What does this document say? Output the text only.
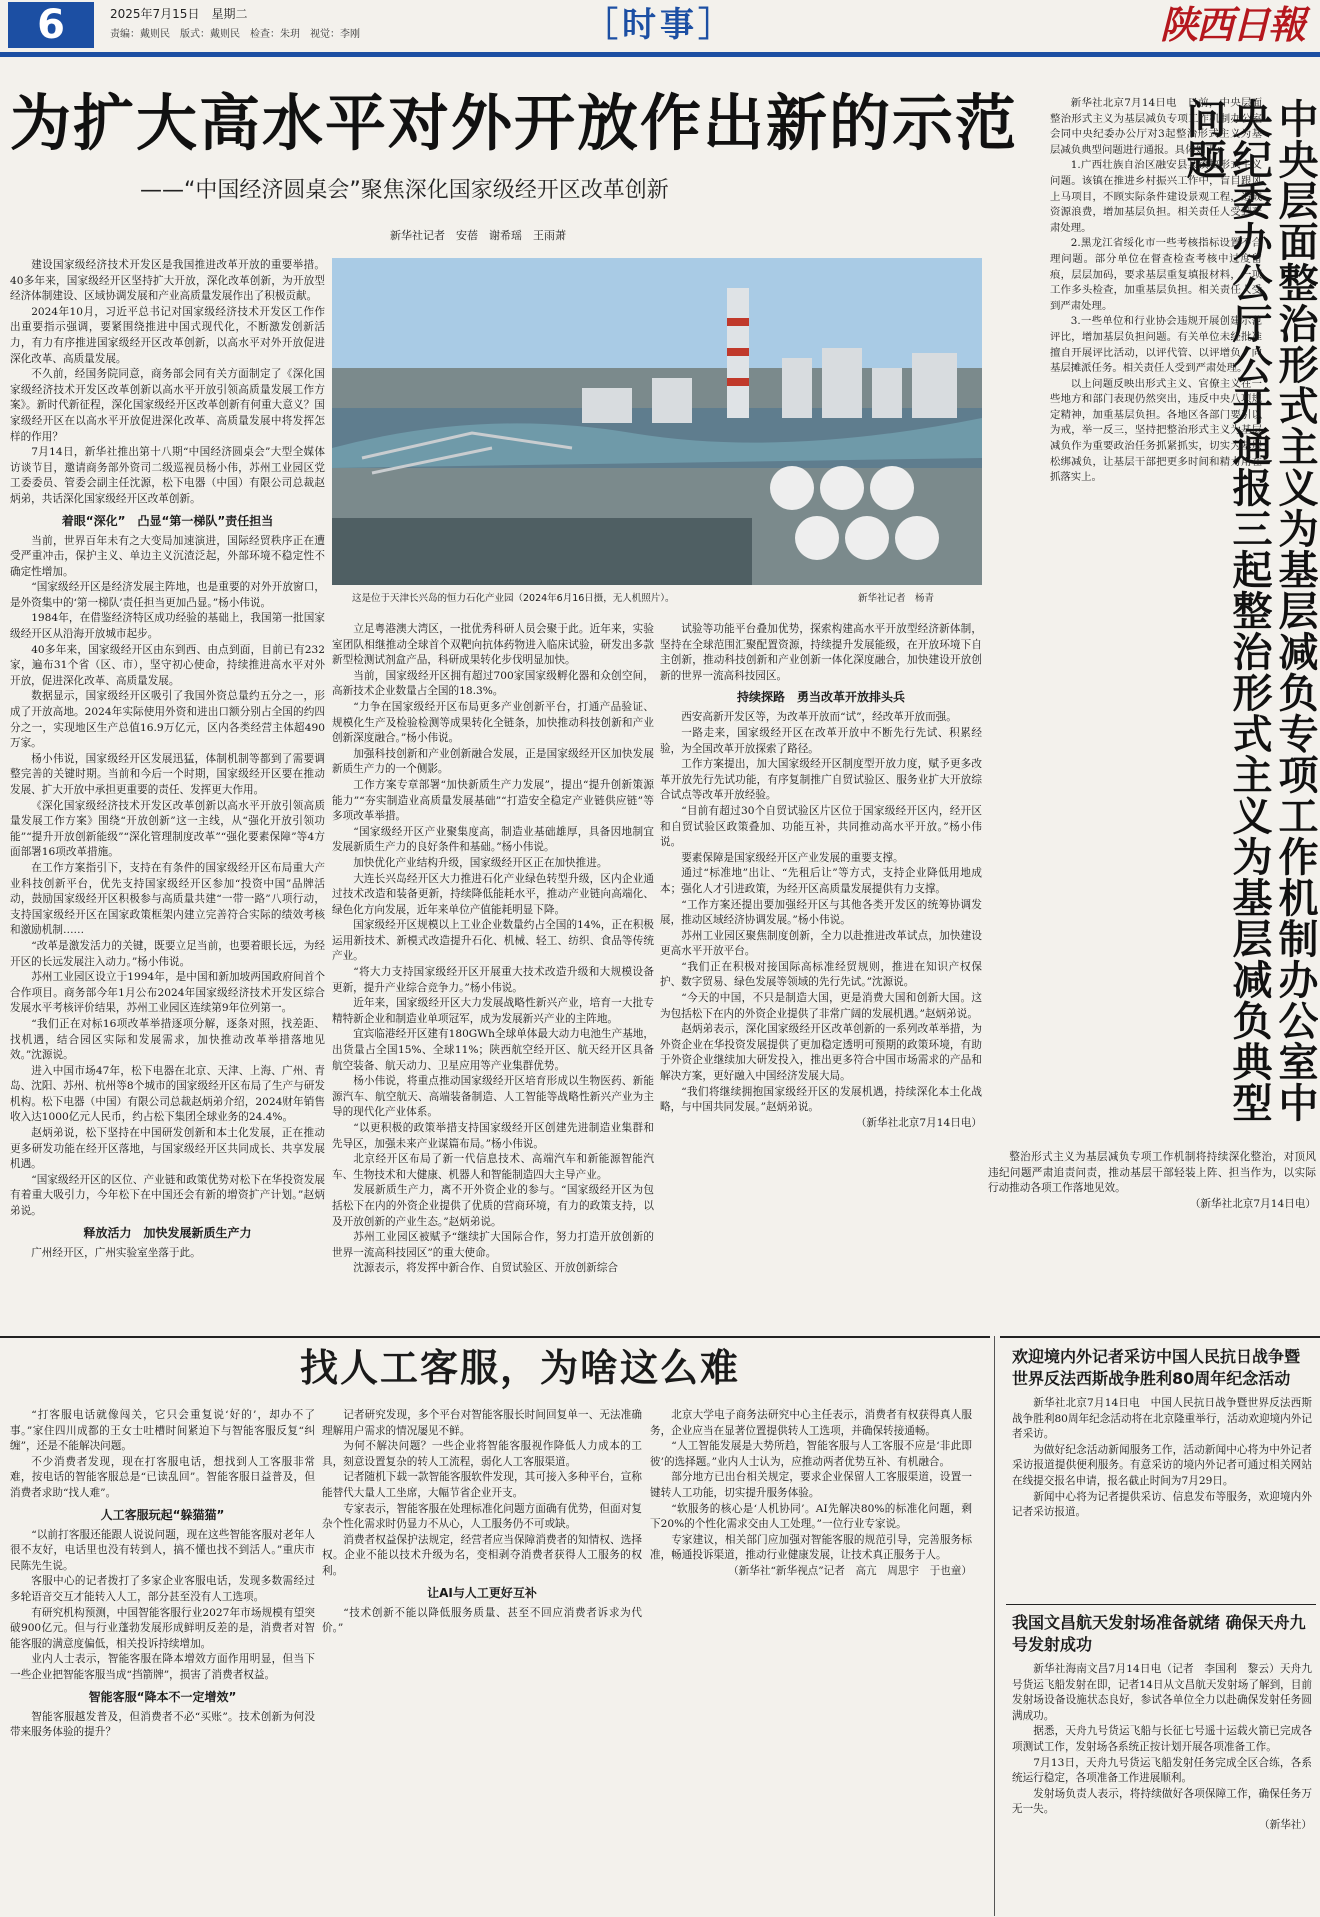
6	2025年7月15日　星期二
责编：戴则民　版式：戴则民　检查：朱玥　视觉：李刚	［时事］	陕西日報
为扩大高水平对外开放作出新的示范
——“中国经济圆桌会”聚焦深化国家级经开区改革创新
新华社记者　安蓓　谢希瑶　王雨萧

建设国家级经济技术开发区是我国推进改革开放的重要举措。40多年来，国家级经开区坚持扩大开放，深化改革创新，为开放型经济体制建设、区域协调发展和产业高质量发展作出了积极贡献。

2024年10月，习近平总书记对国家级经济技术开发区工作作出重要指示强调，要紧围绕推进中国式现代化，不断激发创新活力，有力有序推进国家级经开区改革创新，以高水平对外开放促进深化改革、高质量发展。

不久前，经国务院同意，商务部会同有关方面制定了《深化国家级经济技术开发区改革创新以高水平开放引领高质量发展工作方案》。新时代新征程，深化国家级经开区改革创新有何重大意义？国家级经开区在以高水平开放促进深化改革、高质量发展中将发挥怎样的作用？

7月14日，新华社推出第十八期“中国经济圆桌会”大型全媒体访谈节目，邀请商务部外资司二级巡视员杨小伟，苏州工业园区党工委委员、管委会副主任沈源，松下电器（中国）有限公司总裁赵炳弟，共话深化国家级经开区改革创新。

着眼“深化”　凸显“第一梯队”责任担当

当前，世界百年未有之大变局加速演进，国际经贸秩序正在遭受严重冲击，保护主义、单边主义沉渣泛起，外部环境不稳定性不确定性增加。

“国家级经开区是经济发展主阵地，也是重要的对外开放窗口，是外资集中的‘第一梯队’责任担当更加凸显。”杨小伟说。

1984年，在借鉴经济特区成功经验的基础上，我国第一批国家级经开区从沿海开放城市起步。

40多年来，国家级经开区由东到西、由点到面，目前已有232家，遍布31个省（区、市），坚守初心使命，持续推进高水平对外开放，促进深化改革、高质量发展。

数据显示，国家级经开区吸引了我国外资总量约五分之一，形成了开放高地。2024年实际使用外资和进出口额分别占全国的约四分之一，实现地区生产总值16.9万亿元，区内各类经营主体超490万家。

杨小伟说，国家级经开区发展迅猛，体制机制等都到了需要调整完善的关键时期。当前和今后一个时期，国家级经开区要在推动发展、扩大开放中承担更重要的责任、发挥更大作用。

《深化国家级经济技术开发区改革创新以高水平开放引领高质量发展工作方案》围绕“开放创新”这一主线，从“强化开放引领功能”“提升开放创新能级”“深化管理制度改革”“强化要素保障”等4方面部署16项改革措施。

在工作方案指引下，支持在有条件的国家级经开区布局重大产业科技创新平台，优先支持国家级经开区参加“投资中国”品牌活动，鼓励国家级经开区积极参与高质量共建“一带一路”八项行动，支持国家级经开区在国家政策框架内建立完善符合实际的绩效考核和激励机制……

“改革是激发活力的关键，既要立足当前，也要着眼长远，为经开区的长远发展注入动力。”杨小伟说。

苏州工业园区设立于1994年，是中国和新加坡两国政府间首个合作项目。商务部今年1月公布2024年国家级经济技术开发区综合发展水平考核评价结果，苏州工业园区连续第9年位列第一。

“我们正在对标16项改革举措逐项分解，逐条对照，找差距、找机遇，结合园区实际和发展需求，加快推动改革举措落地见效。”沈源说。

进入中国市场47年，松下电器在北京、天津、上海、广州、青岛、沈阳、苏州、杭州等8个城市的国家级经开区布局了生产与研发机构。松下电器（中国）有限公司总裁赵炳弟介绍，2024财年销售收入达1000亿元人民币，约占松下集团全球业务的24.4%。

赵炳弟说，松下坚持在中国研发创新和本土化发展，正在推动更多研发功能在经开区落地，与国家级经开区共同成长、共享发展机遇。

“国家级经开区的区位、产业链和政策优势对松下在华投资发展有着重大吸引力，今年松下在中国还会有新的增资扩产计划。”赵炳弟说。

释放活力　加快发展新质生产力

广州经开区，广州实验室坐落于此。

这是位于天津长兴岛的恒力石化产业园（2024年6月16日摄，无人机照片）。	新华社记者　杨青

立足粤港澳大湾区，一批优秀科研人员会聚于此。近年来，实验室团队相继推动全球首个双靶向抗体药物进入临床试验，研发出多款新型检测试剂盒产品，科研成果转化步伐明显加快。

当前，国家级经开区拥有超过700家国家级孵化器和众创空间，高新技术企业数量占全国的18.3%。

“力争在国家级经开区布局更多产业创新平台，打通产品验证、规模化生产及检验检测等成果转化全链条，加快推动科技创新和产业创新深度融合。”杨小伟说。

加强科技创新和产业创新融合发展，正是国家级经开区加快发展新质生产力的一个侧影。

工作方案专章部署“加快新质生产力发展”，提出“提升创新策源能力”“夯实制造业高质量发展基础”“打造安全稳定产业链供应链”等多项改革举措。

“国家级经开区产业聚集度高，制造业基础雄厚，具备因地制宜发展新质生产力的良好条件和基础。”杨小伟说。

加快优化产业结构升级，国家级经开区正在加快推进。

大连长兴岛经开区大力推进石化产业绿色转型升级，区内企业通过技术改造和装备更新，持续降低能耗水平，推动产业链向高端化、绿色化方向发展，近年来单位产值能耗明显下降。

国家级经开区规模以上工业企业数量约占全国的14%，正在积极运用新技术、新模式改造提升石化、机械、轻工、纺织、食品等传统产业。

“将大力支持国家级经开区开展重大技术改造升级和大规模设备更新，提升产业综合竞争力。”杨小伟说。

近年来，国家级经开区大力发展战略性新兴产业，培育一大批专精特新企业和制造业单项冠军，成为发展新兴产业的主阵地。

宜宾临港经开区建有180GWh全球单体最大动力电池生产基地，出货量占全国15%、全球11%；陕西航空经开区、航天经开区具备航空装备、航天动力、卫星应用等产业集群优势。

杨小伟说，将重点推动国家级经开区培育形成以生物医药、新能源汽车、航空航天、高端装备制造、人工智能等战略性新兴产业为主导的现代化产业体系。

“以更积极的政策举措支持国家级经开区创建先进制造业集群和先导区，加强未来产业谋篇布局。”杨小伟说。

北京经开区布局了新一代信息技术、高端汽车和新能源智能汽车、生物技术和大健康、机器人和智能制造四大主导产业。

发展新质生产力，离不开外资企业的参与。“国家级经开区为包括松下在内的外资企业提供了优质的营商环境，有力的政策支持，以及开放创新的产业生态。”赵炳弟说。

苏州工业园区被赋予“继续扩大国际合作，努力打造开放创新的世界一流高科技园区”的重大使命。

沈源表示，将发挥中新合作、自贸试验区、开放创新综合

试验等功能平台叠加优势，探索构建高水平开放型经济新体制，坚持在全球范围汇聚配置资源，持续提升发展能级，在开放环境下自主创新，推动科技创新和产业创新一体化深度融合，加快建设开放创新的世界一流高科技园区。

持续探路　勇当改革开放排头兵

西安高新开发区等，为改革开放而“试”，经改革开放而强。

一路走来，国家级经开区在改革开放中不断先行先试、积累经验，为全国改革开放探索了路径。

工作方案提出，加大国家级经开区制度型开放力度，赋予更多改革开放先行先试功能，有序复制推广自贸试验区、服务业扩大开放综合试点等改革开放经验。

“目前有超过30个自贸试验区片区位于国家级经开区内，经开区和自贸试验区政策叠加、功能互补，共同推动高水平开放。”杨小伟说。

要素保障是国家级经开区产业发展的重要支撑。

通过“标准地”出让、“先租后让”等方式，支持企业降低用地成本；强化人才引进政策，为经开区高质量发展提供有力支撑。

“工作方案还提出要加强经开区与其他各类开发区的统筹协调发展，推动区域经济协调发展。”杨小伟说。

苏州工业园区聚焦制度创新，全力以赴推进改革试点，加快建设更高水平开放平台。

“我们正在积极对接国际高标准经贸规则，推进在知识产权保护、数字贸易、绿色发展等领域的先行先试。”沈源说。

“今天的中国，不只是制造大国，更是消费大国和创新大国。这为包括松下在内的外资企业提供了非常广阔的发展机遇。”赵炳弟说。

赵炳弟表示，深化国家级经开区改革创新的一系列改革举措，为外资企业在华投资发展提供了更加稳定透明可预期的政策环境，有助于外资企业继续加大研发投入，推出更多符合中国市场需求的产品和解决方案，更好融入中国经济发展大局。

“我们将继续拥抱国家级经开区的发展机遇，持续深化本土化战略，与中国共同发展。”赵炳弟说。

（新华社北京7月14日电）	中央层面整治形式主义为基层减负专项工作机制办公室中央纪委办公厅公开通报三起整治形式主义为基层减负典型问题

新华社北京7月14日电　日前，中央层面整治形式主义为基层减负专项工作机制办公室会同中央纪委办公厅对3起整治形式主义为基层减负典型问题进行通报。具体如下：

1.广西壮族自治区融安县某镇搞形式主义问题。该镇在推进乡村振兴工作中，盲目跟风上马项目，不顾实际条件建设景观工程，造成资源浪费，增加基层负担。相关责任人受到严肃处理。

2.黑龙江省绥化市一些考核指标设置不合理问题。部分单位在督查检查考核中过度留痕，层层加码，要求基层重复填报材料，一项工作多头检查，加重基层负担。相关责任人受到严肃处理。

3.一些单位和行业协会违规开展创建示范评比，增加基层负担问题。有关单位未经批准擅自开展评比活动，以评代管、以评增负，向基层摊派任务。相关责任人受到严肃处理。

以上问题反映出形式主义、官僚主义在一些地方和部门表现仍然突出，违反中央八项规定精神，加重基层负担。各地区各部门要引以为戒，举一反三，坚持把整治形式主义为基层减负作为重要政治任务抓紧抓实，切实为基层松绑减负，让基层干部把更多时间和精力用在抓落实上。

整治形式主义为基层减负专项工作机制将持续深化整治，对顶风违纪问题严肃追责问责，推动基层干部轻装上阵、担当作为，以实际行动推动各项工作落地见效。

（新华社北京7月14日电）

找人工客服，为啥这么难

“打客服电话就像闯关，它只会重复说‘好的’，却办不了事。”家住四川成都的王女士吐槽时间紧迫下与智能客服反复“纠缠”，还是不能解决问题。

不少消费者发现，现在打客服电话，想找到人工客服非常难，按电话的智能客服总是“已读乱回”。智能客服日益普及，但消费者求助“找人难”。

人工客服玩起“躲猫猫”

“以前打客服还能跟人说说问题，现在这些智能客服对老年人很不友好，电话里也没有转到人，搞不懂也找不到活人。”重庆市民陈先生说。

客服中心的记者拨打了多家企业客服电话，发现多数需经过多轮语音交互才能转入人工，部分甚至没有人工选项。

有研究机构预测，中国智能客服行业2027年市场规模有望突破900亿元。但与行业蓬勃发展形成鲜明反差的是，消费者对智能客服的满意度偏低，相关投诉持续增加。

业内人士表示，智能客服在降本增效方面作用明显，但当下一些企业把智能客服当成“挡箭牌”，损害了消费者权益。

智能客服“降本不一定增效”

智能客服越发普及，但消费者不必“买账”。技术创新为何没带来服务体验的提升？

记者研究发现，多个平台对智能客服长时间回复单一、无法准确理解用户需求的情况屡见不鲜。

为何不解决问题？一些企业将智能客服视作降低人力成本的工具，刻意设置复杂的转人工流程，弱化人工客服渠道。

记者随机下载一款智能客服软件发现，其可接入多种平台，宣称能替代大量人工坐席，大幅节省企业开支。

专家表示，智能客服在处理标准化问题方面确有优势，但面对复杂个性化需求时仍显力不从心，人工服务仍不可或缺。

消费者权益保护法规定，经营者应当保障消费者的知情权、选择权。企业不能以技术升级为名，变相剥夺消费者获得人工服务的权利。

让AI与人工更好互补

“技术创新不能以降低服务质量、甚至不回应消费者诉求为代价。”

北京大学电子商务法研究中心主任表示，消费者有权获得真人服务，企业应当在显著位置提供转人工选项，并确保转接通畅。

“人工智能发展是大势所趋，智能客服与人工客服不应是‘非此即彼’的选择题。”业内人士认为，应推动两者优势互补、有机融合。

部分地方已出台相关规定，要求企业保留人工客服渠道，设置一键转人工功能，切实提升服务体验。

“软服务的核心是‘人机协同’。AI先解决80%的标准化问题，剩下20%的个性化需求交由人工处理。”一位行业专家说。

专家建议，相关部门应加强对智能客服的规范引导，完善服务标准，畅通投诉渠道，推动行业健康发展，让技术真正服务于人。

（新华社“新华视点”记者　高亢　周思宇　于也童）

欢迎境内外记者采访中国人民抗日战争暨世界反法西斯战争胜利80周年纪念活动

新华社北京7月14日电　中国人民抗日战争暨世界反法西斯战争胜利80周年纪念活动将在北京隆重举行，活动欢迎境内外记者采访。

为做好纪念活动新闻服务工作，活动新闻中心将为中外记者采访报道提供便利服务。有意采访的境内外记者可通过相关网站在线提交报名申请，报名截止时间为7月29日。

新闻中心将为记者提供采访、信息发布等服务，欢迎境内外记者采访报道。

我国文昌航天发射场准备就绪 确保天舟九号发射成功

新华社海南文昌7月14日电（记者　李国利　黎云）天舟九号货运飞船发射在即，记者14日从文昌航天发射场了解到，目前发射场设备设施状态良好，参试各单位全力以赴确保发射任务圆满成功。

据悉，天舟九号货运飞船与长征七号遥十运载火箭已完成各项测试工作，发射场各系统正按计划开展各项准备工作。

7月13日，天舟九号货运飞船发射任务完成全区合练，各系统运行稳定，各项准备工作进展顺利。

发射场负责人表示，将持续做好各项保障工作，确保任务万无一失。

（新华社）
